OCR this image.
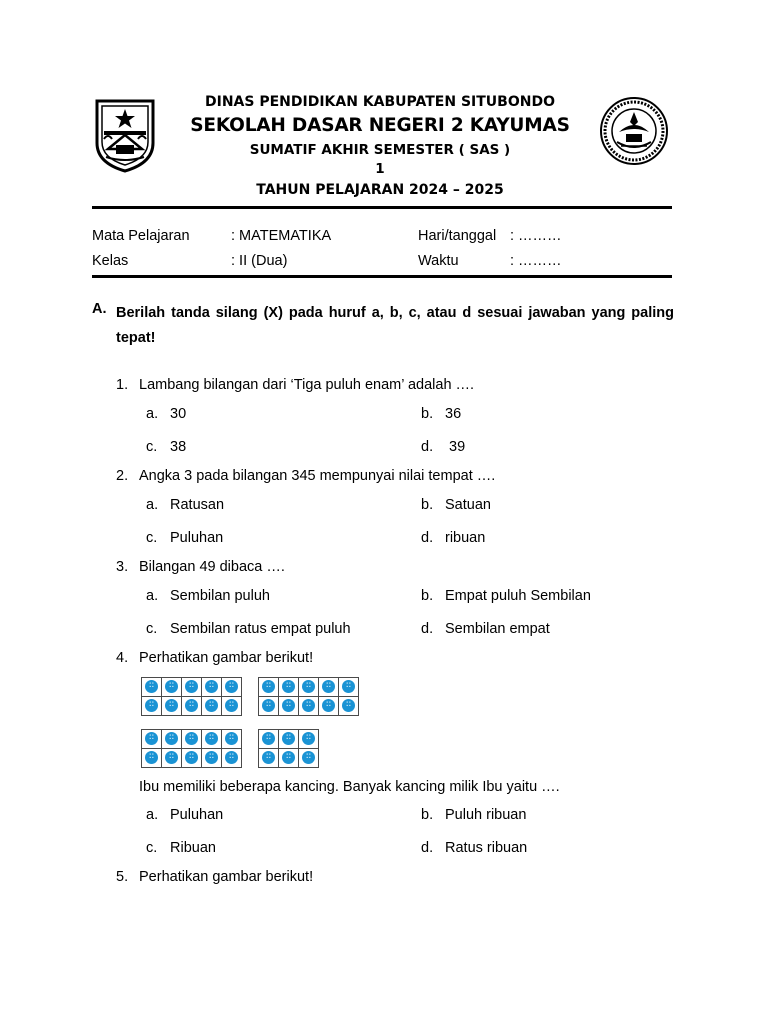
DINAS PENDIDIKAN KABUPATEN SITUBONDO
SEKOLAH DASAR NEGERI 2 KAYUMAS
SUMATIF AKHIR SEMESTER ( SAS )
1
TAHUN PELAJARAN 2024 – 2025
Mata Pelajaran	: MATEMATIKA	Hari/tanggal : ………
Kelas	: II (Dua)	Waktu	: ………
A. Berilah tanda silang (X) pada huruf a, b, c, atau d sesuai jawaban yang paling tepat!
1. Lambang bilangan dari ‘Tiga puluh enam’ adalah ….
a. 30	b. 36
c. 38	d. 39
2. Angka 3 pada bilangan 345 mempunyai nilai tempat ….
a. Ratusan	b. Satuan
c. Puluhan	d. ribuan
3. Bilangan 49 dibaca ….
a. Sembilan puluh	b. Empat puluh Sembilan
c. Sembilan ratus empat puluh	d. Sembilan empat
4. Perhatikan gambar berikut!
::	::	::	::	::
::	::	::	::	::
::	::	::	::	::
::	::	::	::	::
::	::	::	::	::
::	::	::	::	::
::	::	::
::	::	::
Ibu memiliki beberapa kancing. Banyak kancing milik Ibu yaitu ….
a. Puluhan	b. Puluh ribuan
c. Ribuan	d. Ratus ribuan
5. Perhatikan gambar berikut!
